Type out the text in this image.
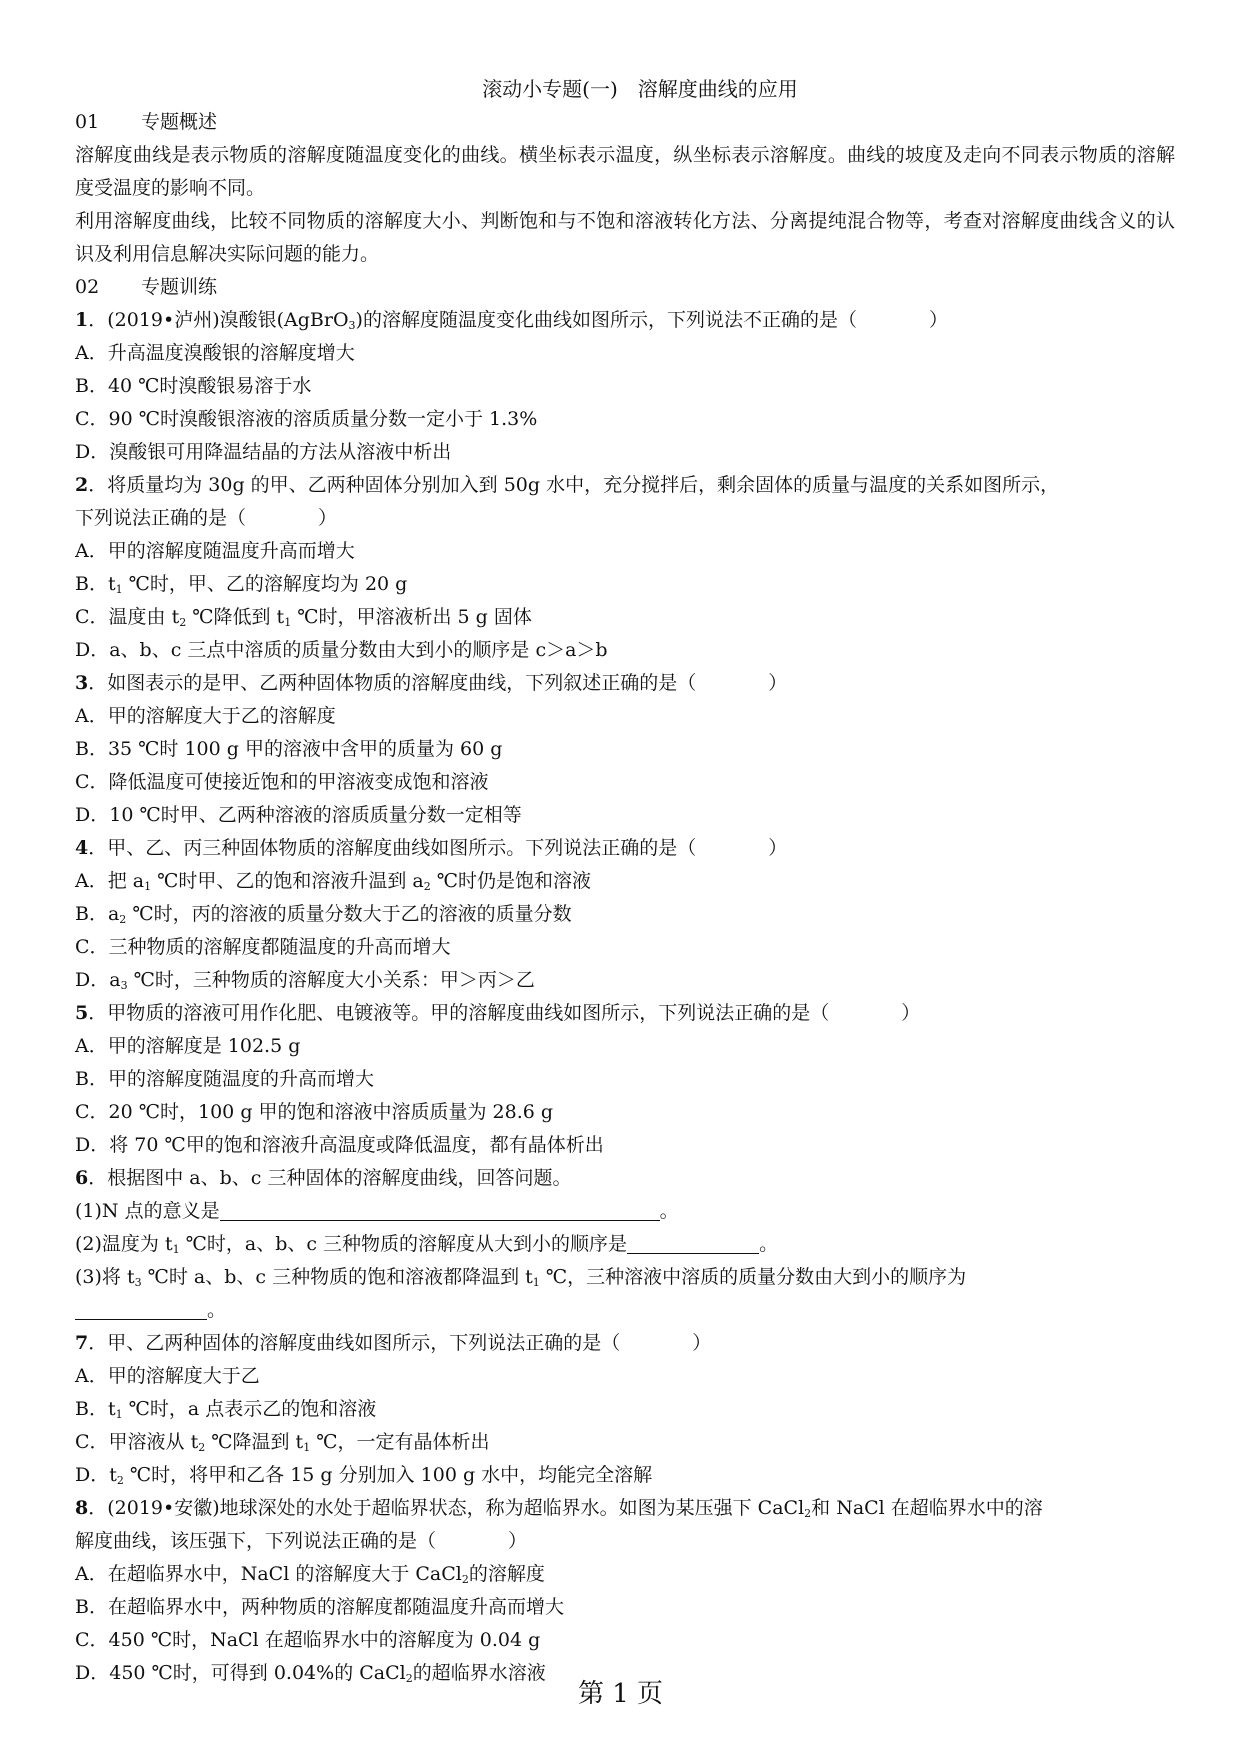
滚动小专题(一)　溶解度曲线的应用
01 专题概述
溶解度曲线是表示物质的溶解度随温度变化的曲线。横坐标表示温度，纵坐标表示溶解度。曲线的坡度及走向不同表示物质的溶解度受温度的影响不同。
利用溶解度曲线，比较不同物质的溶解度大小、判断饱和与不饱和溶液转化方法、分离提纯混合物等，考查对溶解度曲线含义的认识及利用信息解决实际问题的能力。
02 专题训练
1．(2019•泸州)溴酸银(AgBrO$_3$)的溶解度随温度变化曲线如图所示，下列说法不正确的是（	）
A．升高温度溴酸银的溶解度增大
B．40 ℃时溴酸银易溶于水
C．90 ℃时溴酸银溶液的溶质质量分数一定小于 1.3%
D．溴酸银可用降温结晶的方法从溶液中析出
2．将质量均为 30g 的甲、乙两种固体分别加入到 50g 水中，充分搅拌后，剩余固体的质量与温度的关系如图所示，
下列说法正确的是（	）
A．甲的溶解度随温度升高而增大
B．$t_1$ ℃时，甲、乙的溶解度均为 20 g
C．温度由 $t_2$ ℃降低到 $t_1$ ℃时，甲溶液析出 5 g 固体
D．a、b、c 三点中溶质的质量分数由大到小的顺序是 c＞a＞b
3．如图表示的是甲、乙两种固体物质的溶解度曲线，下列叙述正确的是（	）
A．甲的溶解度大于乙的溶解度
B．35 ℃时 100 g 甲的溶液中含甲的质量为 60 g
C．降低温度可使接近饱和的甲溶液变成饱和溶液
D．10 ℃时甲、乙两种溶液的溶质质量分数一定相等
4．甲、乙、丙三种固体物质的溶解度曲线如图所示。下列说法正确的是（	）
A．把 $a_1$ ℃时甲、乙的饱和溶液升温到 $a_2$ ℃时仍是饱和溶液
B．$a_2$ ℃时，丙的溶液的质量分数大于乙的溶液的质量分数
C．三种物质的溶解度都随温度的升高而增大
D．$a_3$ ℃时，三种物质的溶解度大小关系：甲＞丙＞乙
5．甲物质的溶液可用作化肥、电镀液等。甲的溶解度曲线如图所示，下列说法正确的是（	）
A．甲的溶解度是 102.5 g
B．甲的溶解度随温度的升高而增大
C．20 ℃时，100 g 甲的饱和溶液中溶质质量为 28.6 g
D．将 70 ℃甲的饱和溶液升高温度或降低温度，都有晶体析出
6．根据图中 a、b、c 三种固体的溶解度曲线，回答问题。
(1)N 点的意义是	。
(2)温度为 $t_1$ ℃时，a、b、c 三种物质的溶解度从大到小的顺序是	。
(3)将 $t_3$ ℃时 a、b、c 三种物质的饱和溶液都降温到 $t_1$ ℃，三种溶液中溶质的质量分数由大到小的顺序为
。
7．甲、乙两种固体的溶解度曲线如图所示，下列说法正确的是（	）
A．甲的溶解度大于乙
B．$t_1$ ℃时，a 点表示乙的饱和溶液
C．甲溶液从 $t_2$ ℃降温到 $t_1$ ℃，一定有晶体析出
D．$t_2$ ℃时，将甲和乙各 15 g 分别加入 100 g 水中，均能完全溶解
8．(2019•安徽)地球深处的水处于超临界状态，称为超临界水。如图为某压强下 CaCl$_2$和 NaCl 在超临界水中的溶
解度曲线，该压强下，下列说法正确的是（	）
A．在超临界水中，NaCl 的溶解度大于 CaCl$_2$的溶解度
B．在超临界水中，两种物质的溶解度都随温度升高而增大
C．450 ℃时，NaCl 在超临界水中的溶解度为 0.04 g
D．450 ℃时，可得到 0.04%的 CaCl$_2$的超临界水溶液
第 1 页
